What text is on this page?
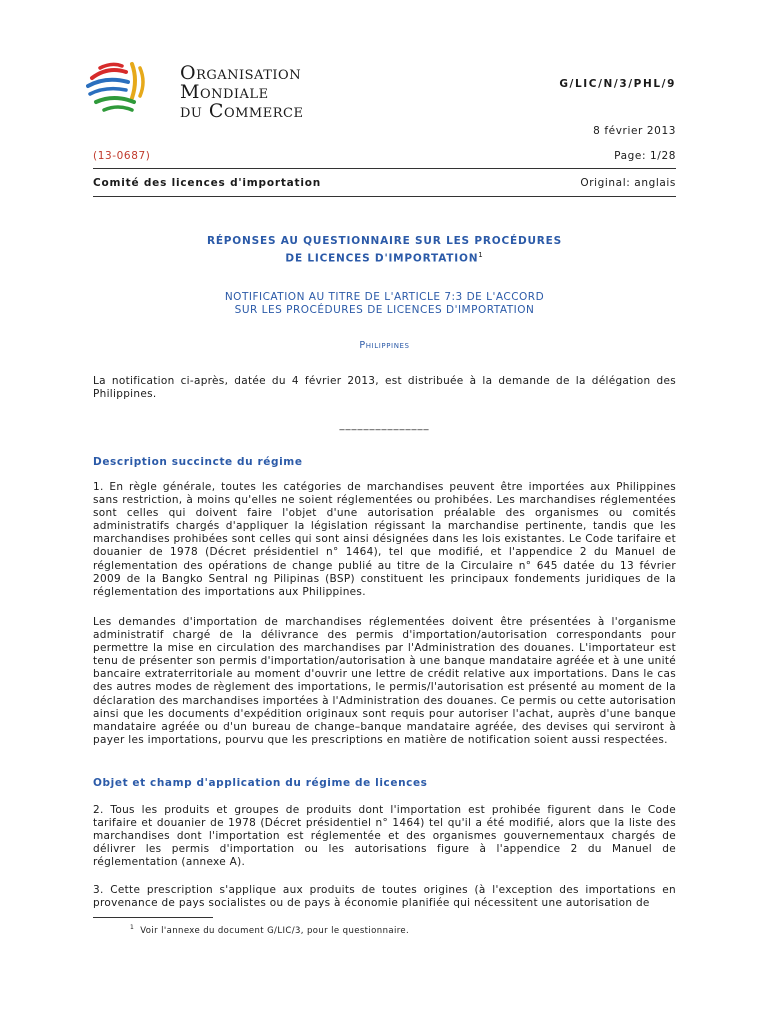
Organisation
Mondiale
du Commerce
G/LIC/N/3/PHL/9
8 février 2013
(13-0687)	Page: 1/28
Comité des licences d'importation	Original: anglais
RÉPONSES AU QUESTIONNAIRE SUR LES PROCÉDURES
DE LICENCES D'IMPORTATION$^1$
NOTIFICATION AU TITRE DE L'ARTICLE 7:3 DE L'ACCORD
SUR LES PROCÉDURES DE LICENCES D'IMPORTATION
Philippines
La notification ci-après, datée du 4 février 2013, est distribuée à la demande de la délégation des Philippines.
_______________
Description succincte du régime
1. En règle générale, toutes les catégories de marchandises peuvent être importées aux Philippines sans restriction, à moins qu'elles ne soient réglementées ou prohibées. Les marchandises réglementées sont celles qui doivent faire l'objet d'une autorisation préalable des organismes ou comités administratifs chargés d'appliquer la législation régissant la marchandise pertinente, tandis que les marchandises prohibées sont celles qui sont ainsi désignées dans les lois existantes. Le Code tarifaire et douanier de 1978 (Décret présidentiel n° 1464), tel que modifié, et l'appendice 2 du Manuel de réglementation des opérations de change publié au titre de la Circulaire n° 645 datée du 13 février 2009 de la Bangko Sentral ng Pilipinas (BSP) constituent les principaux fondements juridiques de la réglementation des importations aux Philippines.
Les demandes d'importation de marchandises réglementées doivent être présentées à l'organisme administratif chargé de la délivrance des permis d'importation/autorisation correspondants pour permettre la mise en circulation des marchandises par l'Administration des douanes. L'importateur est tenu de présenter son permis d'importation/autorisation à une banque mandataire agréée et à une unité bancaire extraterritoriale au moment d'ouvrir une lettre de crédit relative aux importations. Dans le cas des autres modes de règlement des importations, le permis/l'autorisation est présenté au moment de la déclaration des marchandises importées à l'Administration des douanes. Ce permis ou cette autorisation ainsi que les documents d'expédition originaux sont requis pour autoriser l'achat, auprès d'une banque mandataire agréée ou d'un bureau de change–banque mandataire agréée, des devises qui serviront à payer les importations, pourvu que les prescriptions en matière de notification soient aussi respectées.
Objet et champ d'application du régime de licences
2. Tous les produits et groupes de produits dont l'importation est prohibée figurent dans le Code tarifaire et douanier de 1978 (Décret présidentiel n° 1464) tel qu'il a été modifié, alors que la liste des marchandises dont l'importation est réglementée et des organismes gouvernementaux chargés de délivrer les permis d'importation ou les autorisations figure à l'appendice 2 du Manuel de réglementation (annexe A).
3. Cette prescription s'applique aux produits de toutes origines (à l'exception des importations en provenance de pays socialistes ou de pays à économie planifiée qui nécessitent une autorisation de
$^1$ Voir l'annexe du document G/LIC/3, pour le questionnaire.
